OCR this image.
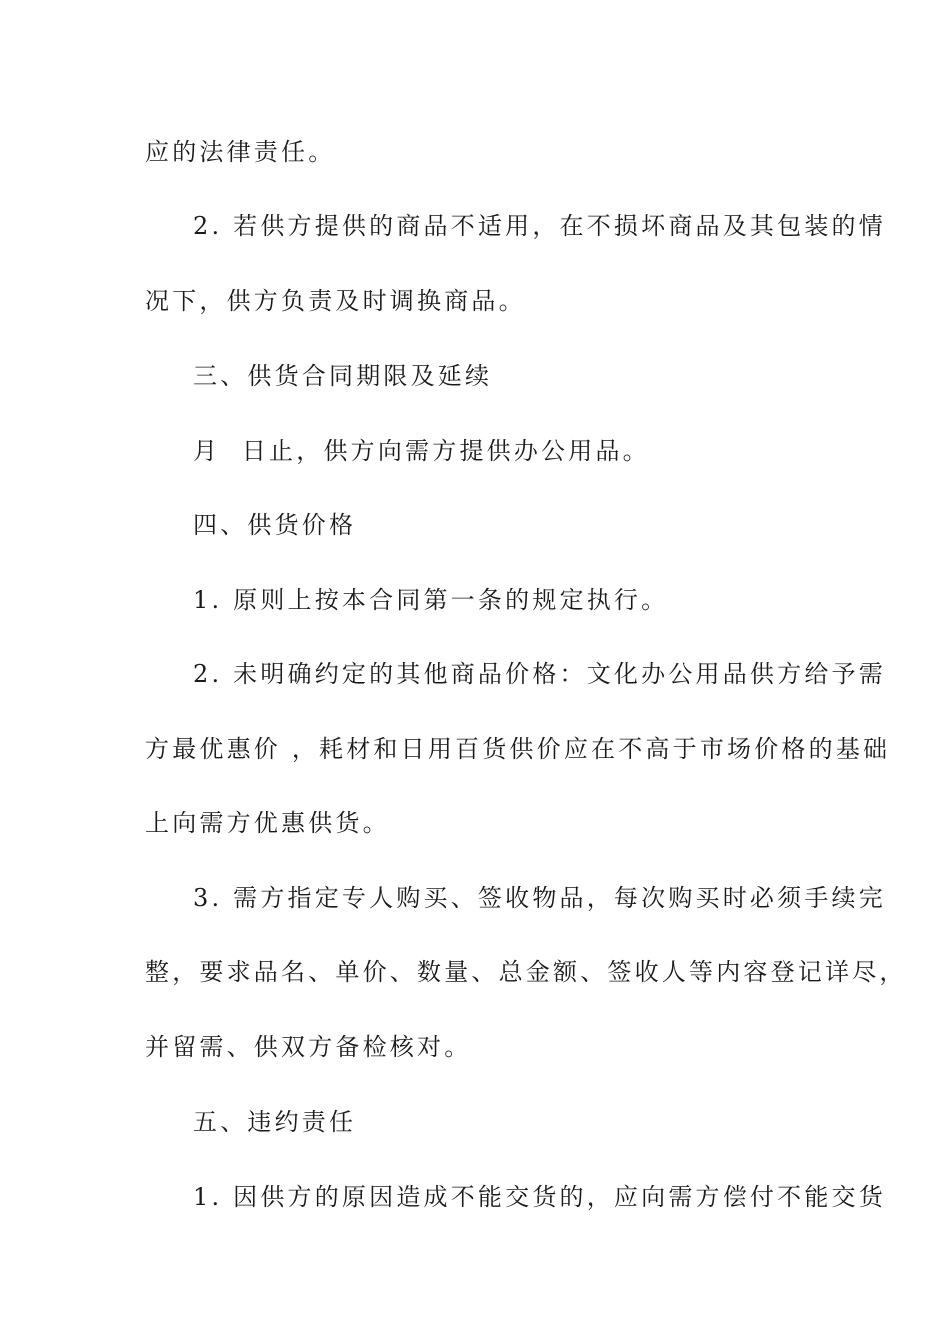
应的法律责任。
2. 若供方提供的商品不适用，在不损坏商品及其包装的情
况下，供方负责及时调换商品。
三、供货合同期限及延续
月  日止，供方向需方提供办公用品。
四、供货价格
1. 原则上按本合同第一条的规定执行。
2. 未明确约定的其他商品价格：文化办公用品供方给予需
方最优惠价 ，耗材和日用百货供价应在不高于市场价格的基础
上向需方优惠供货。
3. 需方指定专人购买、签收物品，每次购买时必须手续完
整，要求品名、单价、数量、总金额、签收人等内容登记详尽，
并留需、供双方备检核对。
五、违约责任
1. 因供方的原因造成不能交货的，应向需方偿付不能交货
